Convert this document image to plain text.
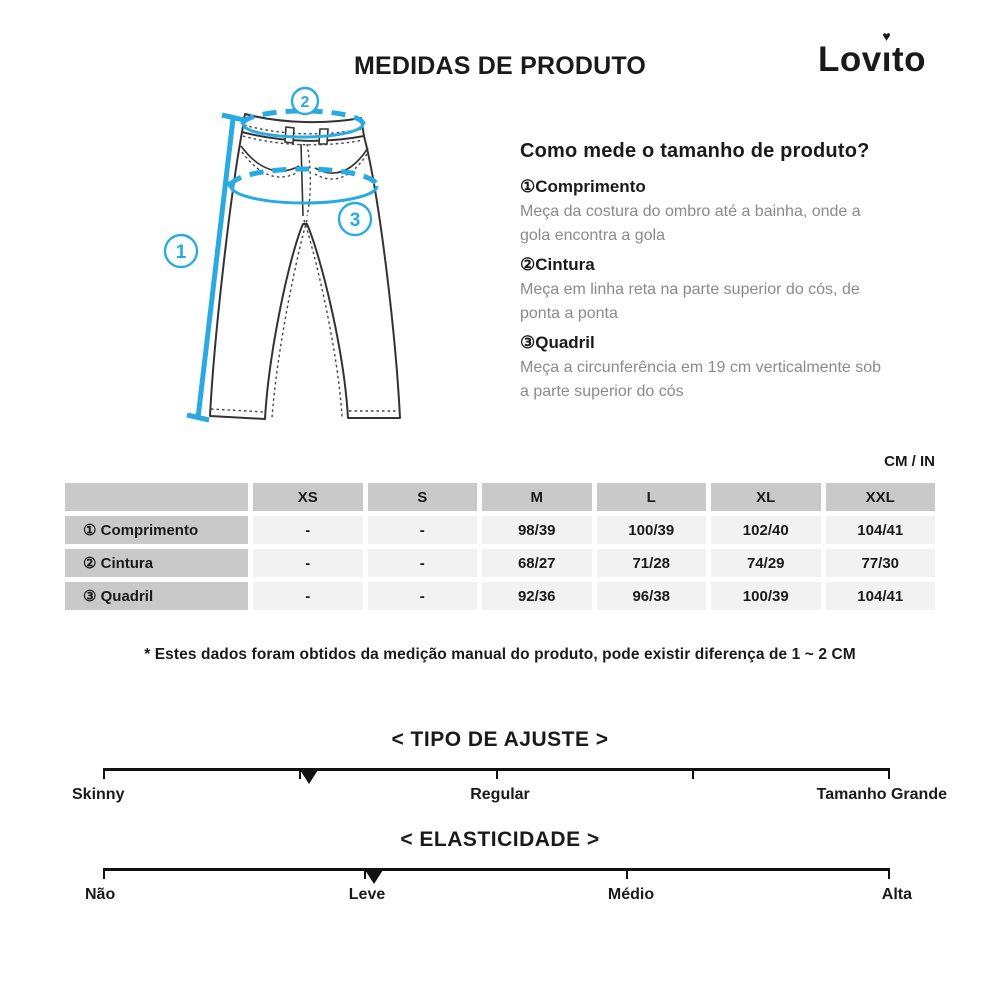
MEDIDAS DE PRODUTO	Lovı
♥
to
1
2
3
Como mede o tamanho de produto?
①Comprimento
Meça da costura do ombro até a bainha, onde a gola encontra a gola
②Cintura
Meça em linha reta na parte superior do cós, de ponta a ponta
③Quadril
Meça a circunferência em 19 cm verticalmente sob a parte superior do cós
CM / IN
XS	S	M	L	XL	XXL
① Comprimento	-	-	98/39	100/39	102/40	104/41
② Cintura	-	-	68/27	71/28	74/29	77/30
③ Quadril	-	-	92/36	96/38	100/39	104/41
* Estes dados foram obtidos da medição manual do produto, pode existir diferença de 1 ~ 2 CM
< TIPO DE AJUSTE >
Skinny	Regular	Tamanho Grande
< ELASTICIDADE >
Não	Leve	Médio	Alta
